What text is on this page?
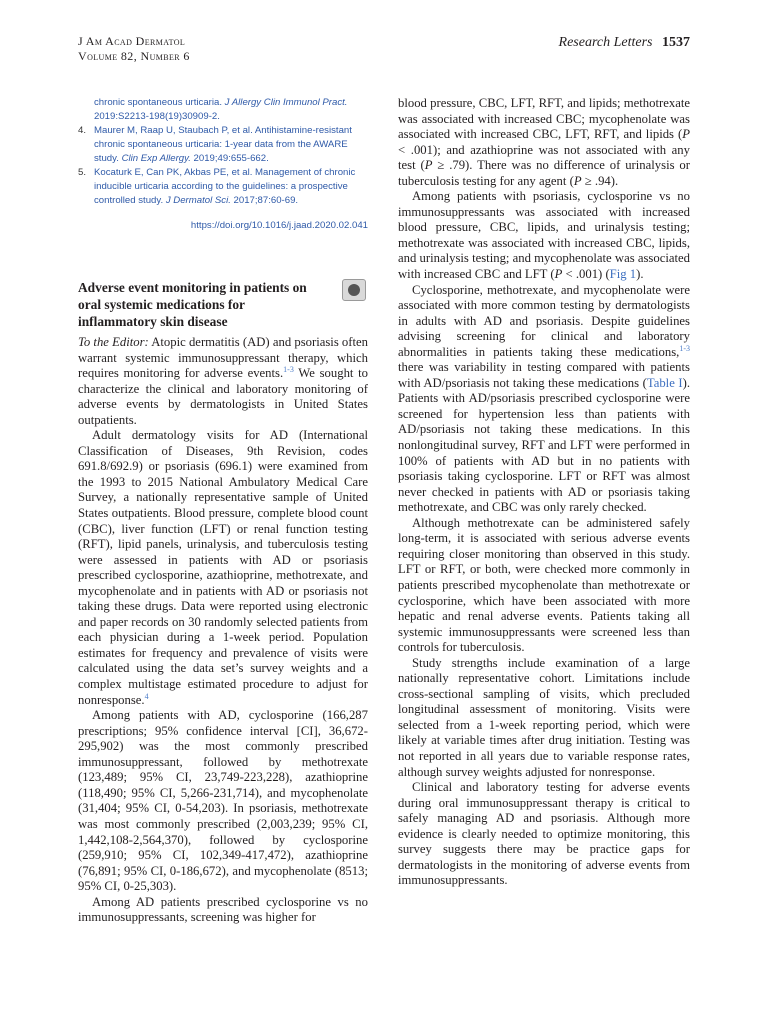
J Am Acad Dermatol
Volume 82, Number 6
Research Letters 1537
chronic spontaneous urticaria. J Allergy Clin Immunol Pract. 2019:S2213-198(19)30909-2.
4. Maurer M, Raap U, Staubach P, et al. Antihistamine-resistant chronic spontaneous urticaria: 1-year data from the AWARE study. Clin Exp Allergy. 2019;49:655-662.
5. Kocaturk E, Can PK, Akbas PE, et al. Management of chronic inducible urticaria according to the guidelines: a prospective controlled study. J Dermatol Sci. 2017;87:60-69.
https://doi.org/10.1016/j.jaad.2020.02.041
Adverse event monitoring in patients on oral systemic medications for inflammatory skin disease

To the Editor: Atopic dermatitis (AD) and psoriasis often warrant systemic immunosuppressant therapy, which requires monitoring for adverse events.$^{1-3}$ We sought to characterize the clinical and laboratory monitoring of adverse events by dermatologists in United States outpatients.

Adult dermatology visits for AD (International Classification of Diseases, 9th Revision, codes 691.8/692.9) or psoriasis (696.1) were examined from the 1993 to 2015 National Ambulatory Medical Care Survey, a nationally representative sample of United States outpatients. Blood pressure, complete blood count (CBC), liver function (LFT) or renal function testing (RFT), lipid panels, urinalysis, and tuberculosis testing were assessed in patients with AD or psoriasis prescribed cyclosporine, azathioprine, methotrexate, and mycophenolate and in patients with AD or psoriasis not taking these drugs. Data were reported using electronic and paper records on 30 randomly selected patients from each physician during a 1-week period. Population estimates for frequency and prevalence of visits were calculated using the data set’s survey weights and a complex multistage estimated procedure to adjust for nonresponse.$^4$

Among patients with AD, cyclosporine (166,287 prescriptions; 95% confidence interval [CI], 36,672-295,902) was the most commonly prescribed immunosuppressant, followed by methotrexate (123,489; 95% CI, 23,749-223,228), azathioprine (118,490; 95% CI, 5,266-231,714), and mycophenolate (31,404; 95% CI, 0-54,203). In psoriasis, methotrexate was most commonly prescribed (2,003,239; 95% CI, 1,442,108-2,564,370), followed by cyclosporine (259,910; 95% CI, 102,349-417,472), azathioprine (76,891; 95% CI, 0-186,672), and mycophenolate (8513; 95% CI, 0-25,303).

Among AD patients prescribed cyclosporine vs no immunosuppressants, screening was higher for

blood pressure, CBC, LFT, RFT, and lipids; methotrexate was associated with increased CBC; mycophenolate was associated with increased CBC, LFT, RFT, and lipids (P < .001); and azathioprine was not associated with any test (P ≥ .79). There was no difference of urinalysis or tuberculosis testing for any agent (P ≥ .94).

Among patients with psoriasis, cyclosporine vs no immunosuppressants was associated with increased blood pressure, CBC, lipids, and urinalysis testing; methotrexate was associated with increased CBC, lipids, and urinalysis testing; and mycophenolate was associated with increased CBC and LFT (P < .001) (Fig 1).

Cyclosporine, methotrexate, and mycophenolate were associated with more common testing by dermatologists in adults with AD and psoriasis. Despite guidelines advising screening for clinical and laboratory abnormalities in patients taking these medications,$^{1-3}$ there was variability in testing compared with patients with AD/psoriasis not taking these medications (Table I). Patients with AD/psoriasis prescribed cyclosporine were screened for hypertension less than patients with AD/psoriasis not taking these medications. In this nonlongitudinal survey, RFT and LFT were performed in 100% of patients with AD but in no patients with psoriasis taking cyclosporine. LFT or RFT was almost never checked in patients with AD or psoriasis taking methotrexate, and CBC was only rarely checked.

Although methotrexate can be administered safely long-term, it is associated with serious adverse events requiring closer monitoring than observed in this study. LFT or RFT, or both, were checked more commonly in patients prescribed mycophenolate than methotrexate or cyclosporine, which have been associated with more hepatic and renal adverse events. Patients taking all systemic immunosuppressants were screened less than controls for tuberculosis.

Study strengths include examination of a large nationally representative cohort. Limitations include cross-sectional sampling of visits, which precluded longitudinal assessment of monitoring. Visits were selected from a 1-week reporting period, which were likely at variable times after drug initiation. Testing was not reported in all years due to variable response rates, although survey weights adjusted for nonresponse.

Clinical and laboratory testing for adverse events during oral immunosuppressant therapy is critical to safely managing AD and psoriasis. Although more evidence is clearly needed to optimize monitoring, this survey suggests there may be practice gaps for dermatologists in the monitoring of adverse events from immunosuppressants.
